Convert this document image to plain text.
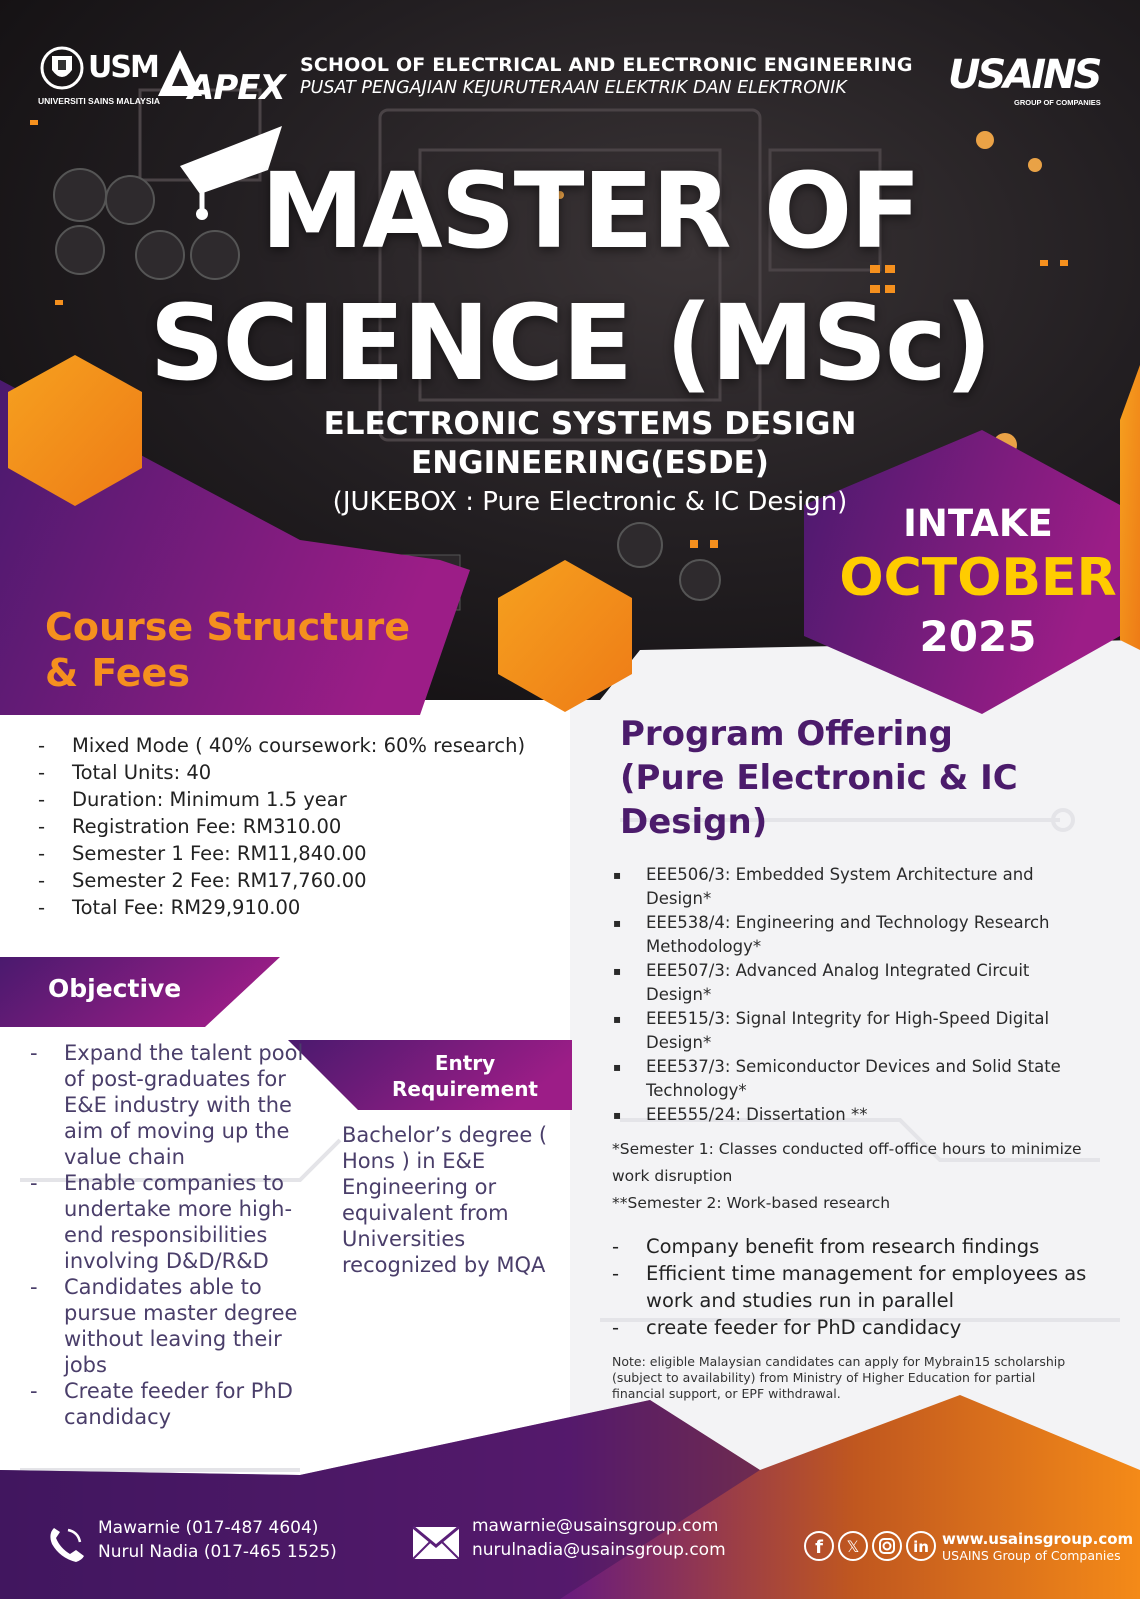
USM
UNIVERSITI SAINS MALAYSIA APEX
SCHOOL OF ELECTRICAL AND ELECTRONIC ENGINEERING
PUSAT PENGAJIAN KEJURUTERAAN ELEKTRIK DAN ELEKTRONIK	USAINS
GROUP OF COMPANIES
MASTER OF
SCIENCE (MSc)
ELECTRONIC SYSTEMS DESIGN
ENGINEERING(ESDE)
(JUKEBOX : Pure Electronic & IC Design)	INTAKE
OCTOBER
2025
Course Structure
& Fees
- Mixed Mode ( 40% coursework: 60% research)
- Total Units: 40
- Duration: Minimum 1.5 year
- Registration Fee: RM310.00
- Semester 1 Fee: RM11,840.00
- Semester 2 Fee: RM17,760.00
- Total Fee: RM29,910.00
Objective
- Expand the talent pool of post-graduates for E&E industry with the aim of moving up the value chain
- Enable companies to undertake more high-end responsibilities involving D&D/R&D
- Candidates able to pursue master degree without leaving their jobs
- Create feeder for PhD candidacy
Entry
Requirement
Bachelor’s degree ( Hons ) in E&E Engineering or equivalent from Universities recognized by MQA
Program Offering
(Pure Electronic & IC
Design)
▪ EEE506/3: Embedded System Architecture and Design*
▪ EEE538/4: Engineering and Technology Research Methodology*
▪ EEE507/3: Advanced Analog Integrated Circuit Design*
▪ EEE515/3: Signal Integrity for High-Speed Digital Design*
▪ EEE537/3: Semiconductor Devices and Solid State Technology*
▪ EEE555/24: Dissertation **
*Semester 1: Classes conducted off-office hours to minimize work disruption
**Semester 2: Work-based research
- Company benefit from research findings
- Efficient time management for employees as work and studies run in parallel
- create feeder for PhD candidacy
Note: eligible Malaysian candidates can apply for Mybrain15 scholarship (subject to availability) from Ministry of Higher Education for partial financial support, or EPF withdrawal.
Mawarnie (017-487 4604)
Nurul Nadia (017-465 1525)
mawarnie@usainsgroup.com
nurulnadia@usainsgroup.com	f 𝕏	in www.usainsgroup.com
USAINS Group of Companies
